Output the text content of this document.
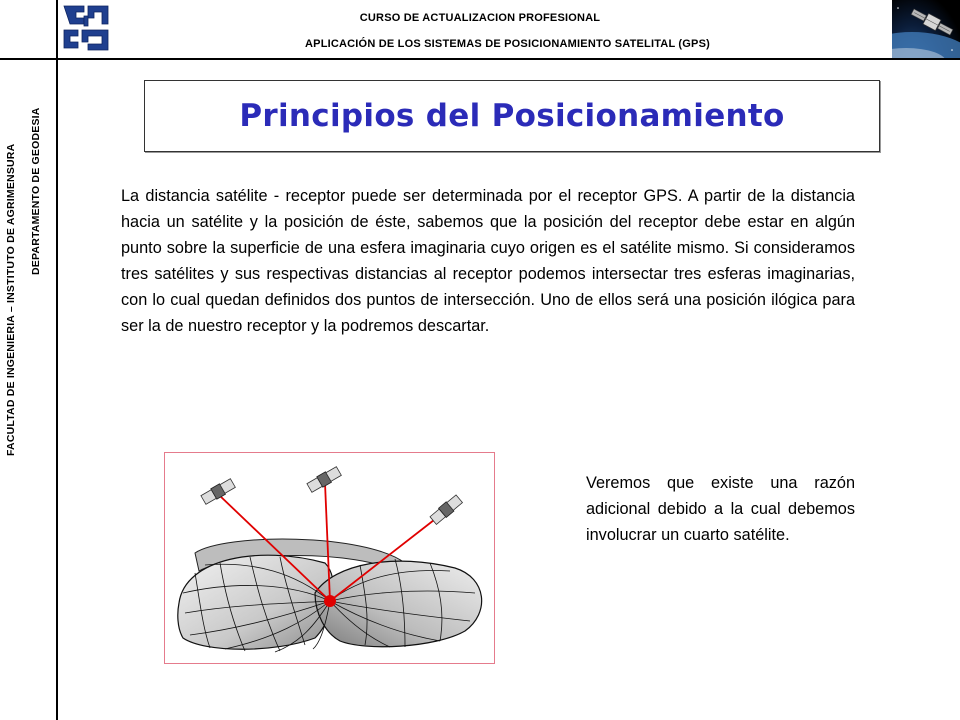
CURSO DE ACTUALIZACION PROFESIONAL
APLICACIÓN DE LOS SISTEMAS DE POSICIONAMIENTO SATELITAL (GPS)
FACULTAD DE INGENIERIA – INSTITUTO DE AGRIMENSURA DEPARTAMENTO DE GEODESIA	Principios del Posicionamiento
La distancia satélite - receptor puede ser determinada por el receptor GPS. A partir de la distancia hacia un satélite y la posición de éste, sabemos que la posición del receptor debe estar en algún punto sobre la superficie de una esfera imaginaria cuyo origen es el satélite mismo. Si consideramos tres satélites y sus respectivas distancias al receptor podemos intersectar tres esferas imaginarias, con lo cual quedan definidos dos puntos de intersección. Uno de ellos será una posición ilógica para ser la de nuestro receptor y la podremos descartar.
Veremos que existe una razón adicional debido a la cual debemos involucrar un cuarto satélite.
